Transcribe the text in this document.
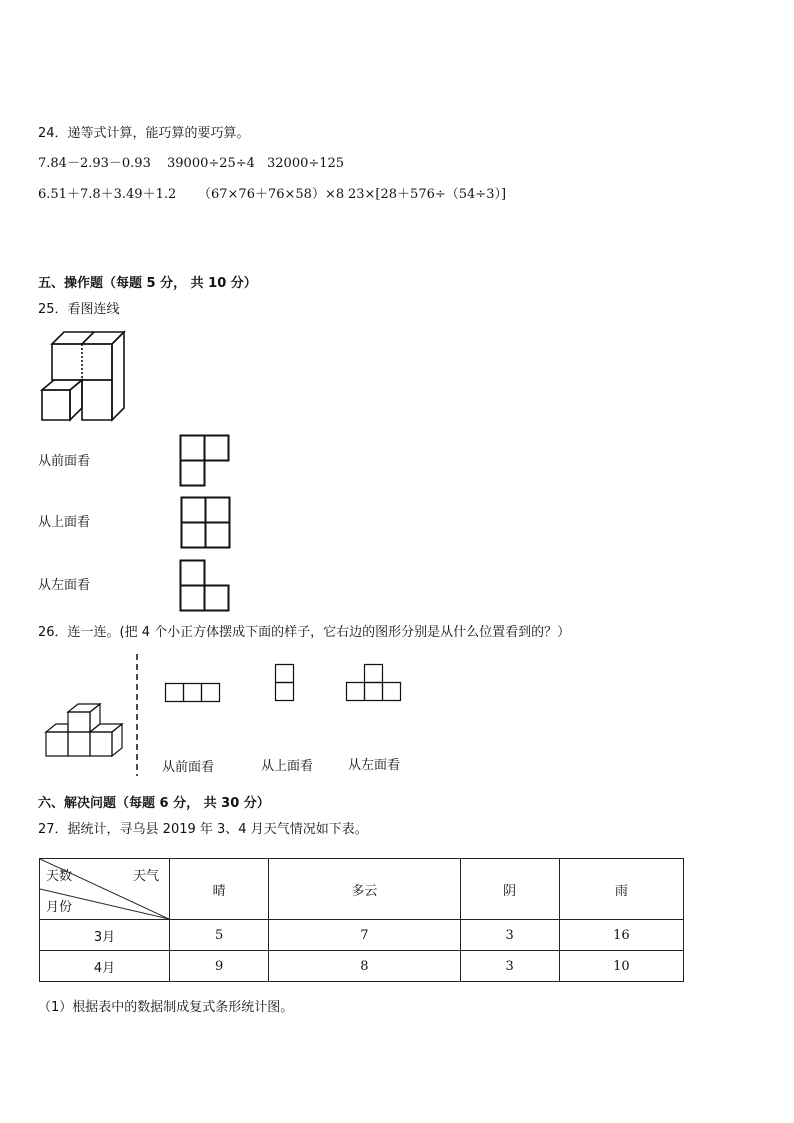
24．递等式计算，能巧算的要巧算。
7.84－2.93－0.93 39000÷25÷4 32000÷125
6.51＋7.8＋3.49＋1.2 （67×76＋76×58）×8 23×[28＋576÷（54÷3）]
五、操作题（每题 5 分， 共 10 分）
25．看图连线
从前面看
从上面看
从左面看
26．连一连。(把 4 个小正方体摆成下面的样子，它右边的图形分别是从什么位置看到的？）
从前面看	从上面看	从左面看
六、解决问题（每题 6 分， 共 30 分）
27．据统计，寻乌县 2019 年 3、4 月天气情况如下表。
天数 天气
月份	晴	多云	阴	雨
3月	5	7	3	16
4月	9	8	3	10
（1）根据表中的数据制成复式条形统计图。
